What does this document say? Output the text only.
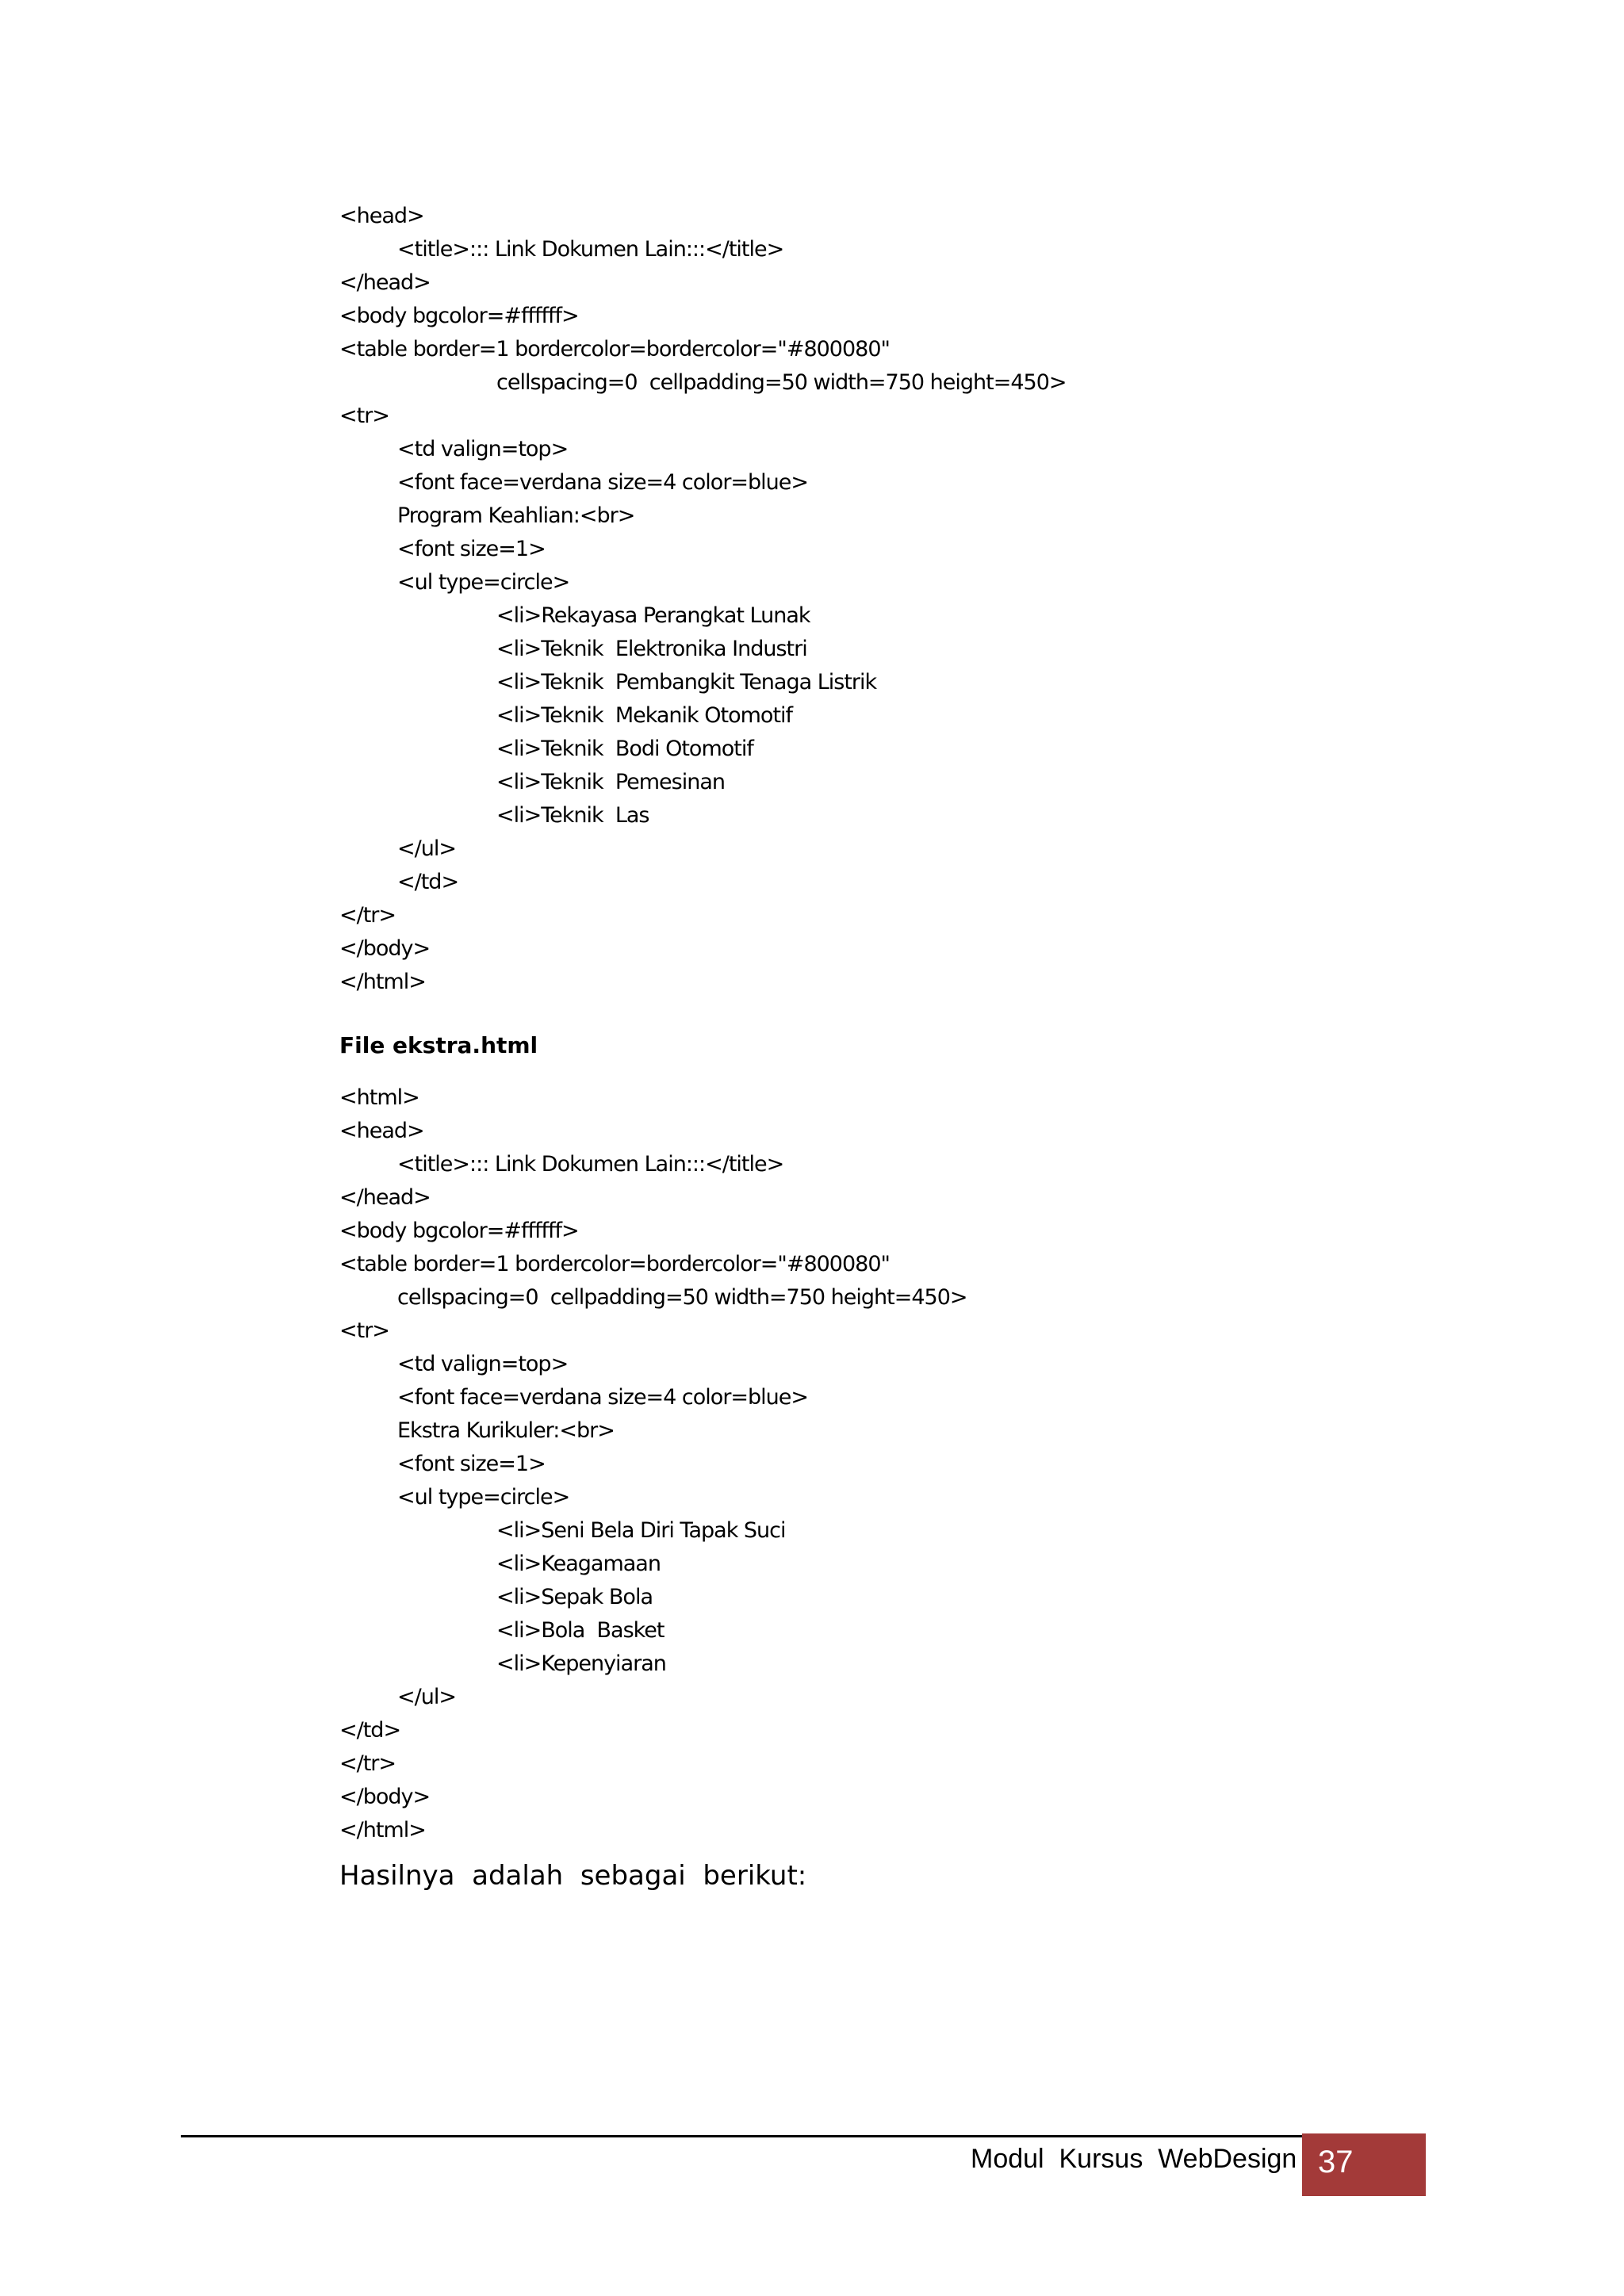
<head>
<title>::: Link Dokumen Lain:::</title>
</head>
<body bgcolor=#ffffff>
<table border=1 bordercolor=bordercolor="#800080"
cellspacing=0  cellpadding=50 width=750 height=450>
<tr>
<td valign=top>
<font face=verdana size=4 color=blue>
Program Keahlian:<br>
<font size=1>
<ul type=circle>
<li>Rekayasa Perangkat Lunak
<li>Teknik  Elektronika Industri
<li>Teknik  Pembangkit Tenaga Listrik
<li>Teknik  Mekanik Otomotif
<li>Teknik  Bodi Otomotif
<li>Teknik  Pemesinan
<li>Teknik  Las
</ul>
</td>
</tr>
</body>
</html>
File ekstra.html
<html>
<head>
<title>::: Link Dokumen Lain:::</title>
</head>
<body bgcolor=#ffffff>
<table border=1 bordercolor=bordercolor="#800080"
cellspacing=0  cellpadding=50 width=750 height=450>
<tr>
<td valign=top>
<font face=verdana size=4 color=blue>
Ekstra Kurikuler:<br>
<font size=1>
<ul type=circle>
<li>Seni Bela Diri Tapak Suci
<li>Keagamaan
<li>Sepak Bola
<li>Bola  Basket
<li>Kepenyiaran
</ul>
</td>
</tr>
</body>
</html>
Hasilnya  adalah  sebagai  berikut:
Modul  Kursus  WebDesign 37
